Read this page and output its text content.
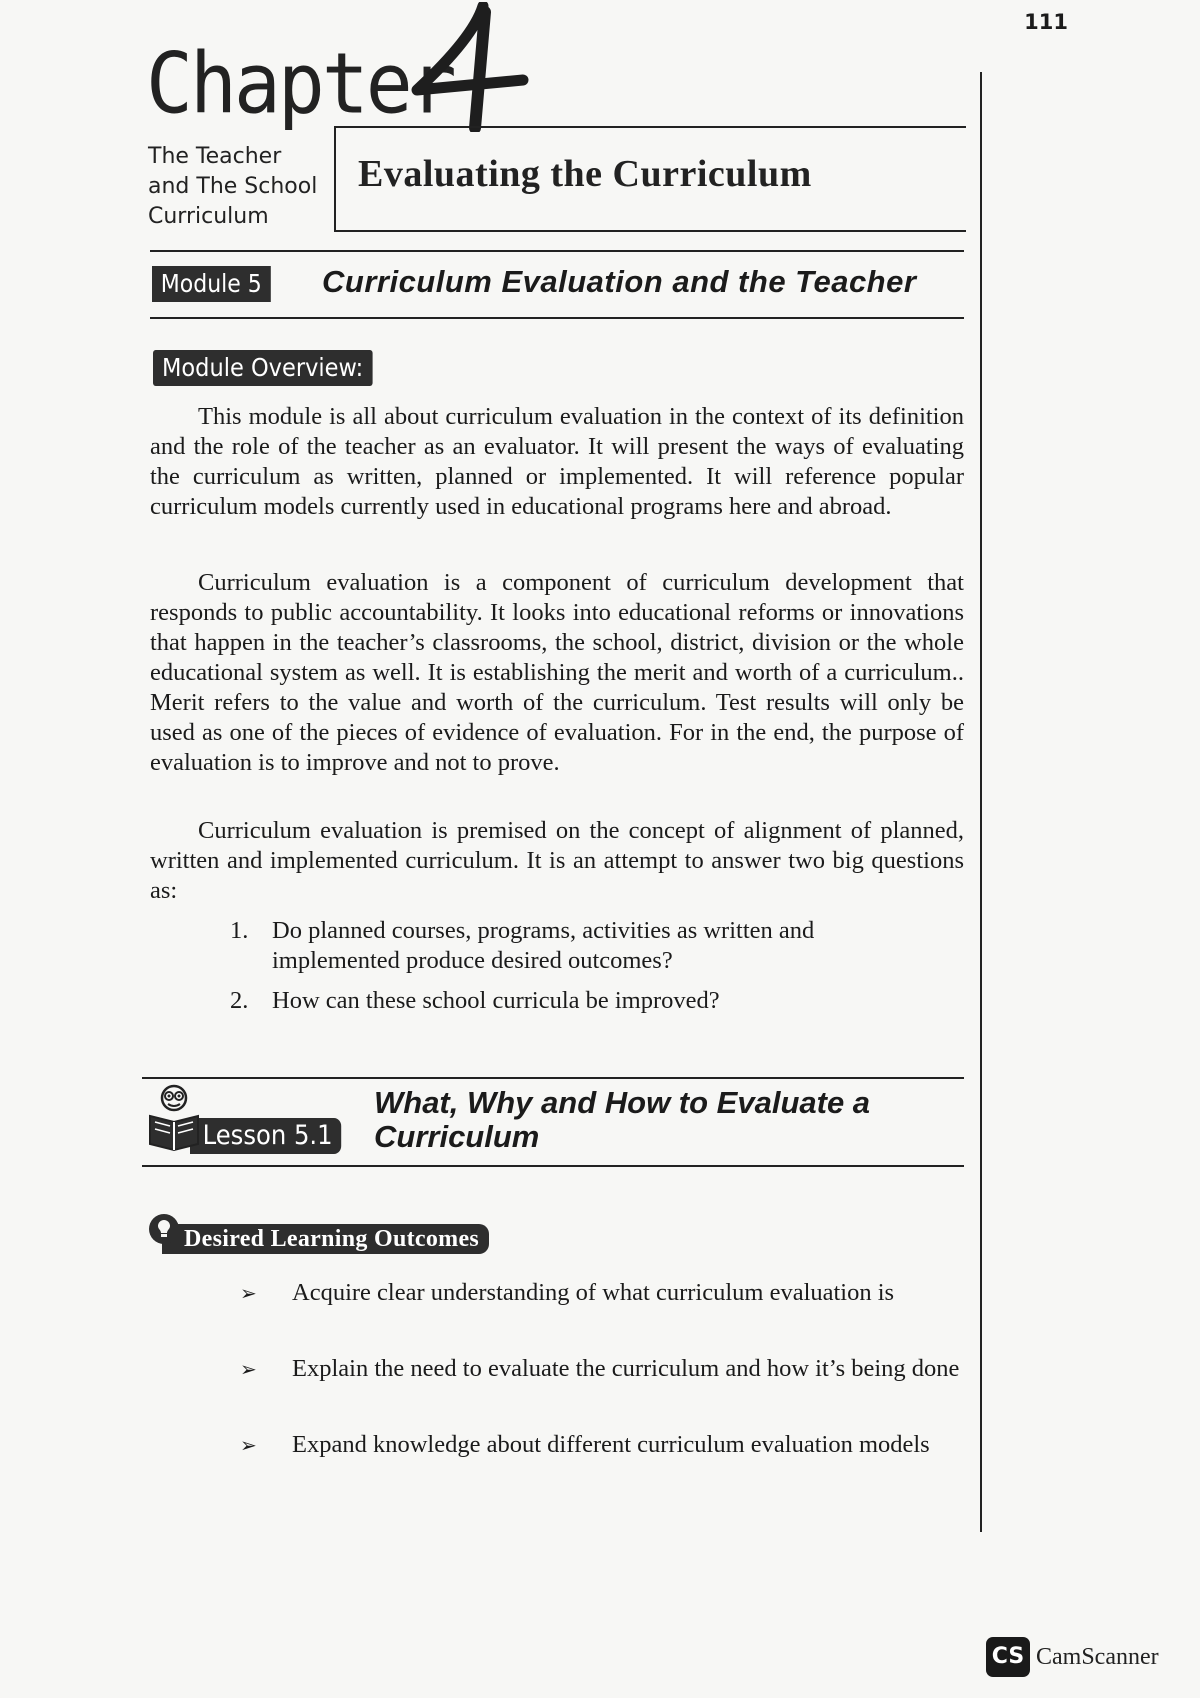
111
Chapter
The Teacher
and The School
Curriculum
Evaluating the Curriculum
Module 5 Curriculum Evaluation and the Teacher
Module Overview:
This module is all about curriculum evaluation in the context of its definition and the role of the teacher as an evaluator. It will present the ways of evaluating the curriculum as written, planned or implemented. It will reference popular curriculum models currently used in educational programs here and abroad.
Curriculum evaluation is a component of curriculum development that responds to public accountability. It looks into educational reforms or innovations that happen in the teacher’s classrooms, the school, district, division or the whole educational system as well. It is establishing the merit and worth of a curriculum.. Merit refers to the value and worth of the curriculum. Test results will only be used as one of the pieces of evidence of evaluation. For in the end, the purpose of evaluation is to improve and not to prove.
Curriculum evaluation is premised on the concept of alignment of planned, written and implemented curriculum. It is an attempt to answer two big questions as:
1. Do planned courses, programs, activities as written and implemented produce desired outcomes?
2. How can these school curricula be improved?
Lesson 5.1
What, Why and How to Evaluate a
Curriculum
Desired Learning Outcomes
➢ Acquire clear understanding of what curriculum evaluation is
➢ Explain the need to evaluate the curriculum and how it’s being done
➢ Expand knowledge about different curriculum evaluation models
CS CamScanner
